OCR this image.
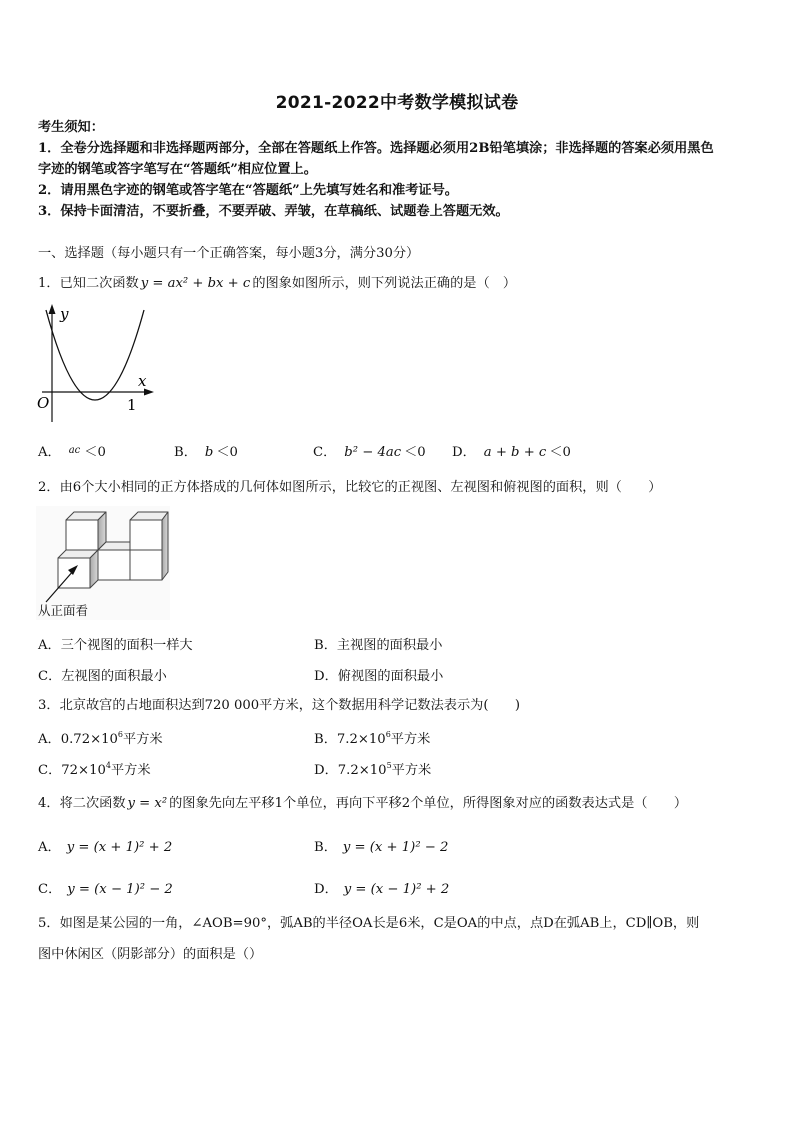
2021-2022中考数学模拟试卷
考生须知：
1．全卷分选择题和非选择题两部分，全部在答题纸上作答。选择题必须用2B铅笔填涂；非选择题的答案必须用黑色
字迹的钢笔或答字笔写在“答题纸”相应位置上。
2．请用黑色字迹的钢笔或答字笔在“答题纸”上先填写姓名和准考证号。
3．保持卡面清洁，不要折叠，不要弄破、弄皱，在草稿纸、试题卷上答题无效。
一、选择题（每小题只有一个正确答案，每小题3分，满分30分）
1．已知二次函数 y = ax² + bx + c 的图象如图所示，则下列说法正确的是（　）
y
x
O	1
A． $^{ac}$ ＜0	B． b ＜0	C． b² − 4ac ＜0 D． a + b + c ＜0
2．由6个大小相同的正方体搭成的几何体如图所示，比较它的正视图、左视图和俯视图的面积，则（　　）
从正面看
A．三个视图的面积一样大	B．主视图的面积最小
C．左视图的面积最小	D．俯视图的面积最小
3．北京故宫的占地面积达到720 000平方米，这个数据用科学记数法表示为(　　)
A．$0.72\times 10^6$平方米	B．$7.2\times 10^6$平方米
C．$72\times 10^4$平方米	D．$7.2\times 10^5$平方米
4．将二次函数 y = x² 的图象先向左平移1个单位，再向下平移2个单位，所得图象对应的函数表达式是（　　）
A． y = (x + 1)² + 2	B． y = (x + 1)² − 2
C． y = (x − 1)² − 2	D． y = (x − 1)² + 2
5．如图是某公园的一角，∠AOB=90°，弧AB的半径OA长是6米，C是OA的中点，点D在弧AB上，CD∥OB，则
图中休闲区（阴影部分）的面积是（）
